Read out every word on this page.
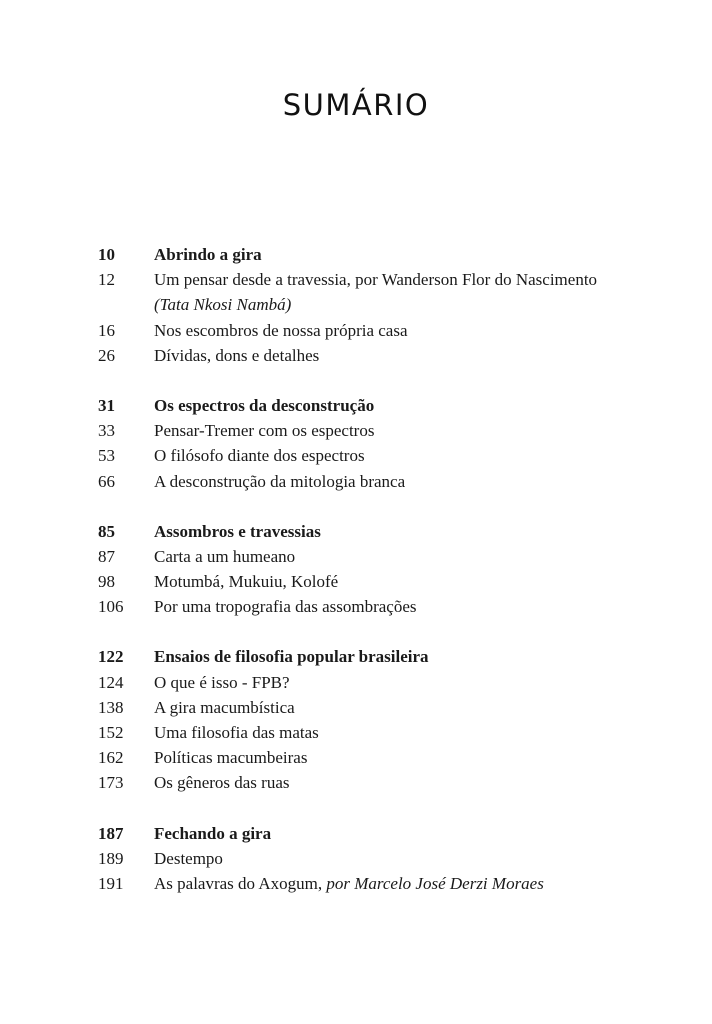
SUMÁRIO
10	Abrindo a gira
12	Um pensar desde a travessia, por Wanderson Flor do Nascimento
(Tata Nkosi Nambá)
16	Nos escombros de nossa própria casa
26	Dívidas, dons e detalhes
31	Os espectros da desconstrução
33	Pensar-Tremer com os espectros
53	O filósofo diante dos espectros
66	A desconstrução da mitologia branca
85	Assombros e travessias
87	Carta a um humeano
98	Motumbá, Mukuiu, Kolofé
106	Por uma tropografia das assombrações
122	Ensaios de filosofia popular brasileira
124	O que é isso - FPB?
138	A gira macumbística
152	Uma filosofia das matas
162	Políticas macumbeiras
173	Os gêneros das ruas
187	Fechando a gira
189	Destempo
191	As palavras do Axogum, por Marcelo José Derzi Moraes
